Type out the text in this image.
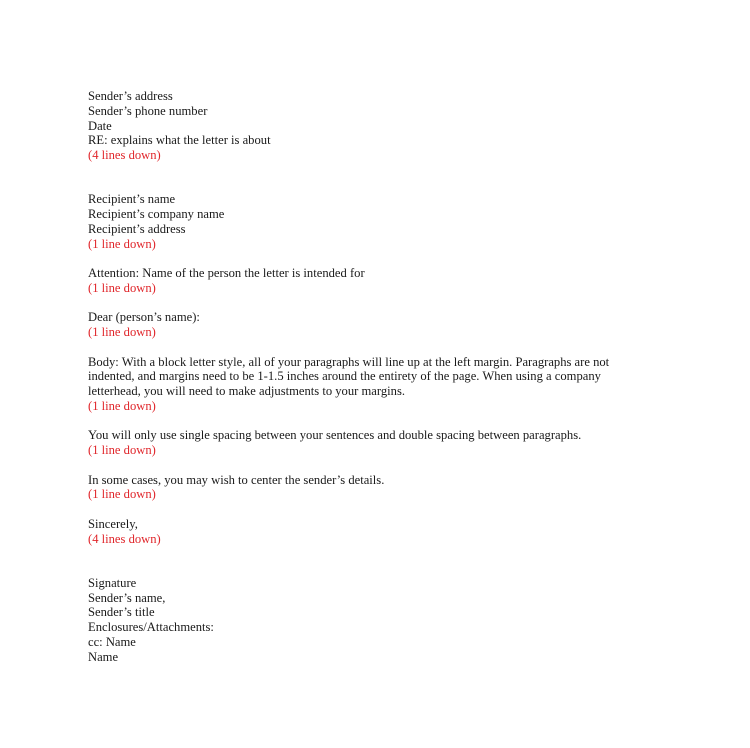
Sender’s address
Sender’s phone number
Date
RE: explains what the letter is about
(4 lines down)
Recipient’s name
Recipient’s company name
Recipient’s address
(1 line down)
Attention: Name of the person the letter is intended for
(1 line down)
Dear (person’s name):
(1 line down)
Body: With a block letter style, all of your paragraphs will line up at the left margin. Paragraphs are not
indented, and margins need to be 1-1.5 inches around the entirety of the page. When using a company
letterhead, you will need to make adjustments to your margins.
(1 line down)
You will only use single spacing between your sentences and double spacing between paragraphs.
(1 line down)
In some cases, you may wish to center the sender’s details.
(1 line down)
Sincerely,
(4 lines down)
Signature
Sender’s name,
Sender’s title
Enclosures/Attachments:
cc: Name
Name
